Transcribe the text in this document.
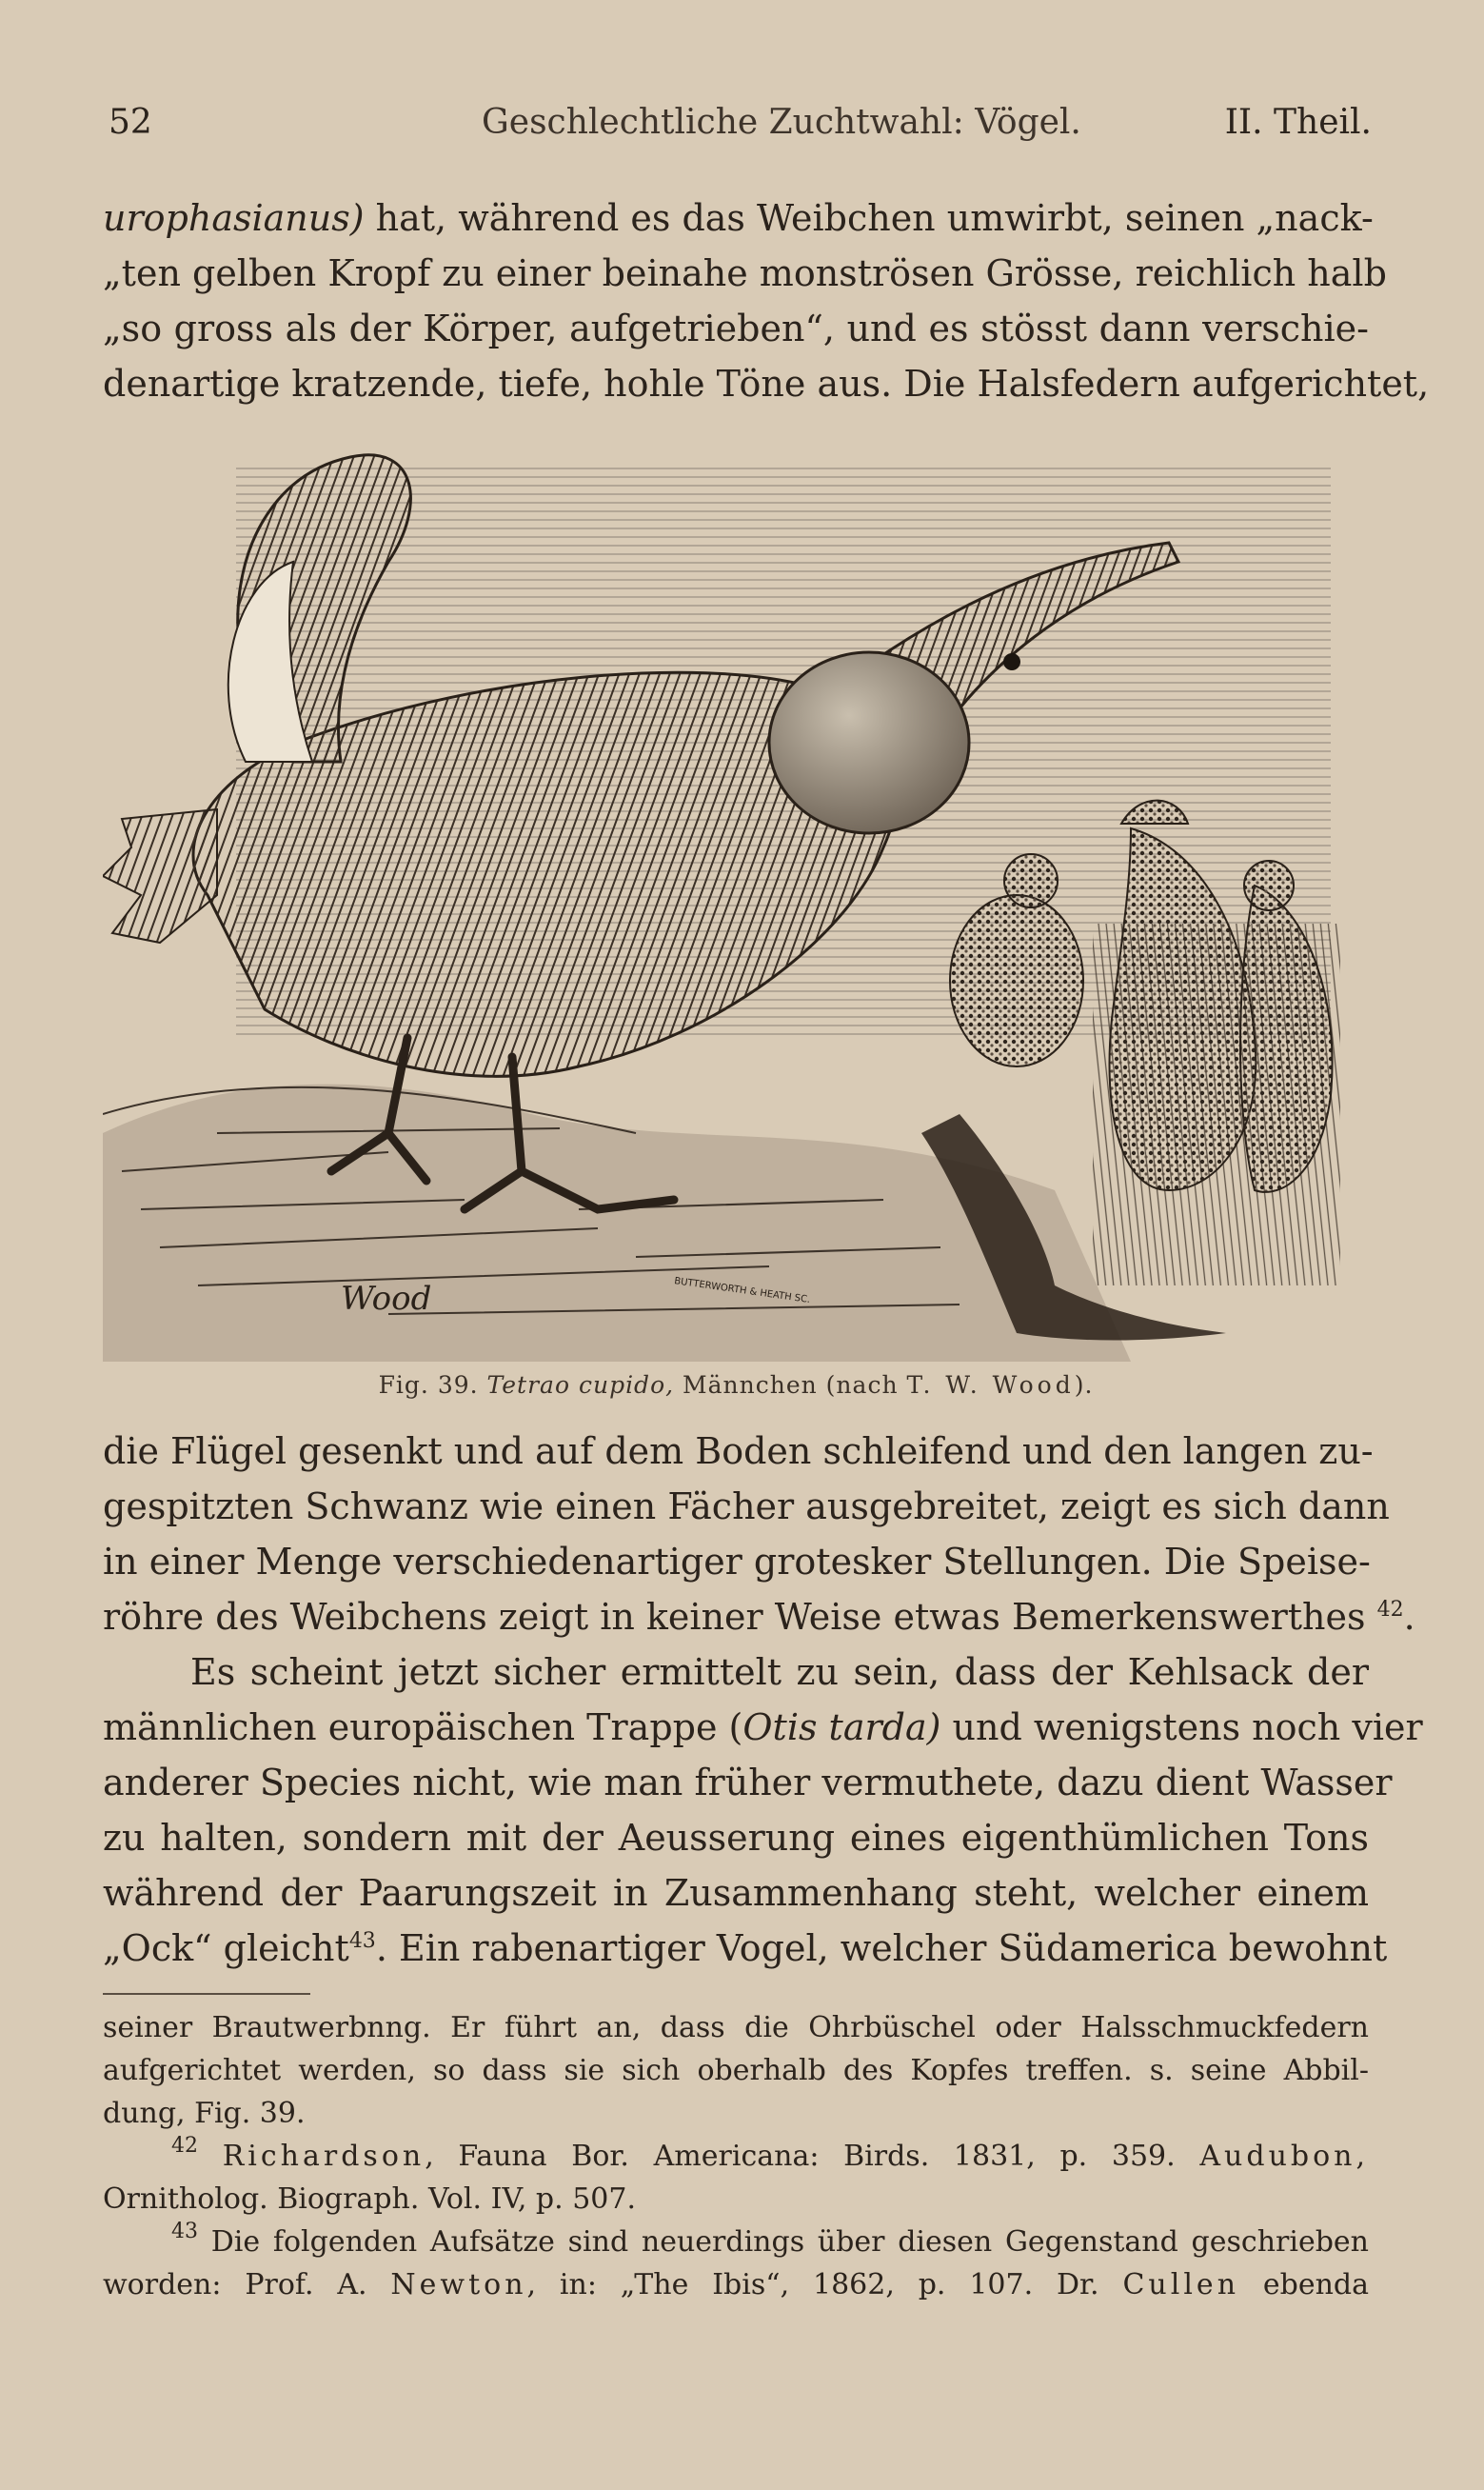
52	Geschlechtliche Zuchtwahl: Vögel.	II. Theil.
urophasianus) hat, während es das Weibchen umwirbt, seinen „nack-
„ten gelben Kropf zu einer beinahe monströsen Grösse, reichlich halb
„so gross als der Körper, aufgetrieben“, und es stösst dann verschie-
denartige kratzende, tiefe, hohle Töne aus. Die Halsfedern aufgerichtet,
Wood	BUTTERWORTH & HEATH SC.
Fig. 39. Tetrao cupido, Männchen (nach T. W. Wood).
die Flügel gesenkt und auf dem Boden schleifend und den langen zu-
gespitzten Schwanz wie einen Fächer ausgebreitet, zeigt es sich dann
in einer Menge verschiedenartiger grotesker Stellungen. Die Speise-
röhre des Weibchens zeigt in keiner Weise etwas Bemerkenswerthes $^{42}$.
Es scheint jetzt sicher ermittelt zu sein, dass der Kehlsack der
männlichen europäischen Trappe (Otis tarda) und wenigstens noch vier
anderer Species nicht, wie man früher vermuthete, dazu dient Wasser
zu halten, sondern mit der Aeusserung eines eigenthümlichen Tons
während der Paarungszeit in Zusammenhang steht, welcher einem
„Ock“ gleicht$^{43}$. Ein rabenartiger Vogel, welcher Südamerica bewohnt
seiner Brautwerbnng. Er führt an, dass die Ohrbüschel oder Halsschmuckfedern
aufgerichtet werden, so dass sie sich oberhalb des Kopfes treffen. s. seine Abbil-
dung, Fig. 39.
$^{42}$ Richardson, Fauna Bor. Americana: Birds. 1831, p. 359. Audubon,
Ornitholog. Biograph. Vol. IV, p. 507.
$^{43}$ Die folgenden Aufsätze sind neuerdings über diesen Gegenstand geschrieben
worden: Prof. A. Newton, in: „The Ibis“, 1862, p. 107. Dr. Cullen ebenda
